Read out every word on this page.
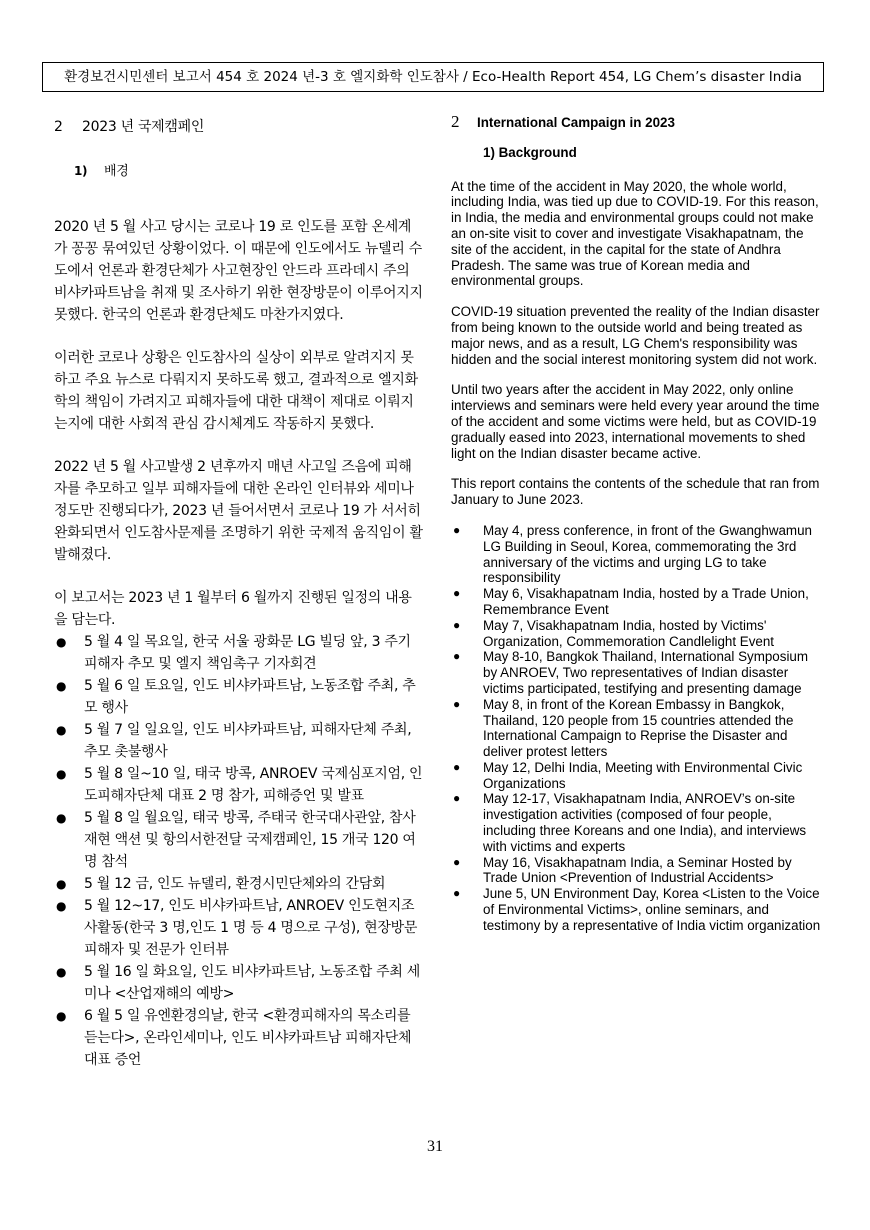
환경보건시민센터 보고서 454 호 2024 년-3 호 엘지화학 인도참사 / Eco-Health Report 454, LG Chem’s disaster India
2 2023 년 국제캠페인
1) 배경

2020 년 5 월 사고 당시는 코로나 19 로 인도를 포함 온세계가 꽁꽁 묶여있던 상황이었다. 이 때문에 인도에서도 뉴델리 수도에서 언론과 환경단체가 사고현장인 안드라 프라데시 주의 비샤카파트남을 취재 및 조사하기 위한 현장방문이 이루어지지 못했다. 한국의 언론과 환경단체도 마찬가지였다.

이러한 코로나 상황은 인도참사의 실상이 외부로 알려지지 못하고 주요 뉴스로 다뤄지지 못하도록 했고, 결과적으로 엘지화학의 책임이 가려지고 피해자들에 대한 대책이 제대로 이뤄지는지에 대한 사회적 관심 감시체계도 작동하지 못했다.

2022 년 5 월 사고발생 2 년후까지 매년 사고일 즈음에 피해자를 추모하고 일부 피해자들에 대한 온라인 인터뷰와 세미나 정도만 진행되다가, 2023 년 들어서면서 코로나 19 가 서서히 완화되면서 인도참사문제를 조명하기 위한 국제적 움직임이 활발해졌다.

이 보고서는 2023 년 1 월부터 6 월까지 진행된 일정의 내용을 담는다.

● 5 월 4 일 목요일, 한국 서울 광화문 LG 빌딩 앞, 3 주기 피해자 추모 및 엘지 책임촉구 기자회견
● 5 월 6 일 토요일, 인도 비샤카파트남, 노동조합 주최, 추모 행사
● 5 월 7 일 일요일, 인도 비샤카파트남, 피해자단체 주최, 추모 촛불행사
● 5 월 8 일~10 일, 태국 방콕, ANROEV 국제심포지엄, 인도피해자단체 대표 2 명 참가, 피해증언 및 발표
● 5 월 8 일 월요일, 태국 방콕, 주태국 한국대사관앞, 참사재현 액션 및 항의서한전달 국제캠페인, 15 개국 120 여명 참석
● 5 월 12 금, 인도 뉴델리, 환경시민단체와의 간담회
● 5 월 12~17, 인도 비샤카파트남, ANROEV 인도현지조사활동(한국 3 명,인도 1 명 등 4 명으로 구성), 현장방문 피해자 및 전문가 인터뷰
● 5 월 16 일 화요일, 인도 비샤카파트남, 노동조합 주최 세미나 <산업재해의 예방>
● 6 월 5 일 유엔환경의날, 한국 <환경피해자의 목소리를 듣는다>, 온라인세미나, 인도 비샤카파트남 피해자단체대표 증언
2 International Campaign in 2023
1) Background

At the time of the accident in May 2020, the whole world, including India, was tied up due to COVID-19. For this reason, in India, the media and environmental groups could not make an on-site visit to cover and investigate Visakhapatnam, the site of the accident, in the capital for the state of Andhra Pradesh. The same was true of Korean media and environmental groups.

COVID-19 situation prevented the reality of the Indian disaster from being known to the outside world and being treated as major news, and as a result, LG Chem's responsibility was hidden and the social interest monitoring system did not work.

Until two years after the accident in May 2022, only online interviews and seminars were held every year around the time of the accident and some victims were held, but as COVID-19 gradually eased into 2023, international movements to shed light on the Indian disaster became active.

This report contains the contents of the schedule that ran from January to June 2023.

● May 4, press conference, in front of the Gwanghwamun LG Building in Seoul, Korea, commemorating the 3rd anniversary of the victims and urging LG to take responsibility
● May 6, Visakhapatnam India, hosted by a Trade Union, Remembrance Event
● May 7, Visakhapatnam India, hosted by Victims' Organization, Commemoration Candlelight Event
● May 8-10, Bangkok Thailand, International Symposium by ANROEV, Two representatives of Indian disaster victims participated, testifying and presenting damage
● May 8, in front of the Korean Embassy in Bangkok, Thailand, 120 people from 15 countries attended the International Campaign to Reprise the Disaster and deliver protest letters
● May 12, Delhi India, Meeting with Environmental Civic Organizations
● May 12-17, Visakhapatnam India, ANROEV’s on-site investigation activities (composed of four people, including three Koreans and one India), and interviews with victims and experts
● May 16, Visakhapatnam India, a Seminar Hosted by Trade Union <Prevention of Industrial Accidents>
● June 5, UN Environment Day, Korea <Listen to the Voice of Environmental Victims>, online seminars, and testimony by a representative of India victim organization
31
